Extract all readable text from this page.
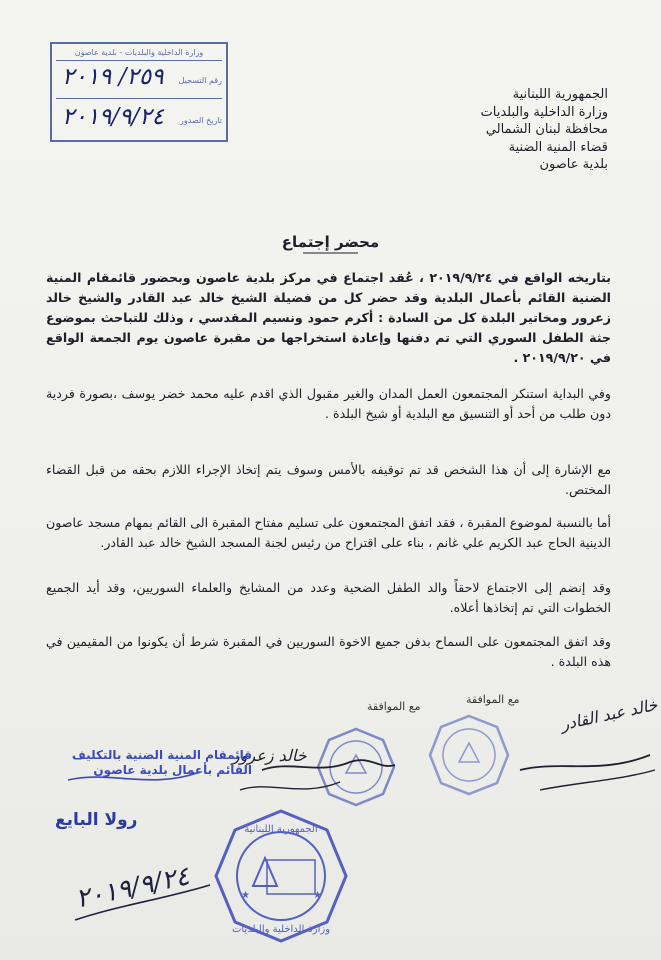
وزارة الداخلية والبلديات - بلدية عاصون
رقم التسجيل
٢٥٩/ ٢٠١٩
تاريخ الصدور
٢٠١٩/٩/٢٤
الجمهورية اللبنانية
وزارة الداخلية والبلديات
محافظة لبنان الشمالي
قضاء المنية الضنية
بلدية عاصون
محضر إجتماع
بتاريخه الواقع في ٢٠١٩/٩/٢٤ ، عُقد اجتماع في مركز بلدية عاصون وبحضور قائمقام المنية الضنية القائم بأعمال البلدية وقد حضر كل من فضيلة الشيخ خالد عبد القادر والشيخ خالد زعرور ومخاتير البلدة كل من السادة : أكرم حمود ونسيم المقدسي ، وذلك للتباحث بموضوع جثة الطفل السوري التي تم دفنها وإعادة استخراجها من مقبرة عاصون يوم الجمعة الواقع في ٢٠١٩/٩/٢٠ .
وفي البداية استنكر المجتمعون العمل المدان والغير مقبول الذي اقدم عليه محمد خضر يوسف ،بصورة فردية دون طلب من أحد أو التنسيق مع البلدية أو شيخ البلدة .
مع الإشارة إلى أن هذا الشخص قد تم توقيفه بالأمس وسوف يتم إتخاذ الإجراء اللازم بحقه من قبل القضاء المختص.
أما بالنسبة لموضوع المقبرة ، فقد اتفق المجتمعون على تسليم مفتاح المقبرة الى القائم بمهام مسجد عاصون الدينية الحاج عبد الكريم علي غانم ، بناء على اقتراح من رئيس لجنة المسجد الشيخ خالد عبد القادر.
وقد إنضم إلى الاجتماع لاحقاً والد الطفل الضحية وعدد من المشايخ والعلماء السوريين، وقد أيد الجميع الخطوات التي تم إتخاذها أعلاه.
وقد اتفق المجتمعون على السماح بدفن جميع الاخوة السوريين في المقبرة شرط أن يكونوا من المقيمين في هذه البلدة .
مع الموافقة
مع الموافقة
الجمهورية اللبنانية
وزارة الداخلية والبلديات
★	★
خالد زعرور
خالد عبد القادر
قائمقام المنية الضنية بالتكليف
القائم بأعمال بلدية عاصون
رولا البايع
٢٠١٩/٩/٢٤
